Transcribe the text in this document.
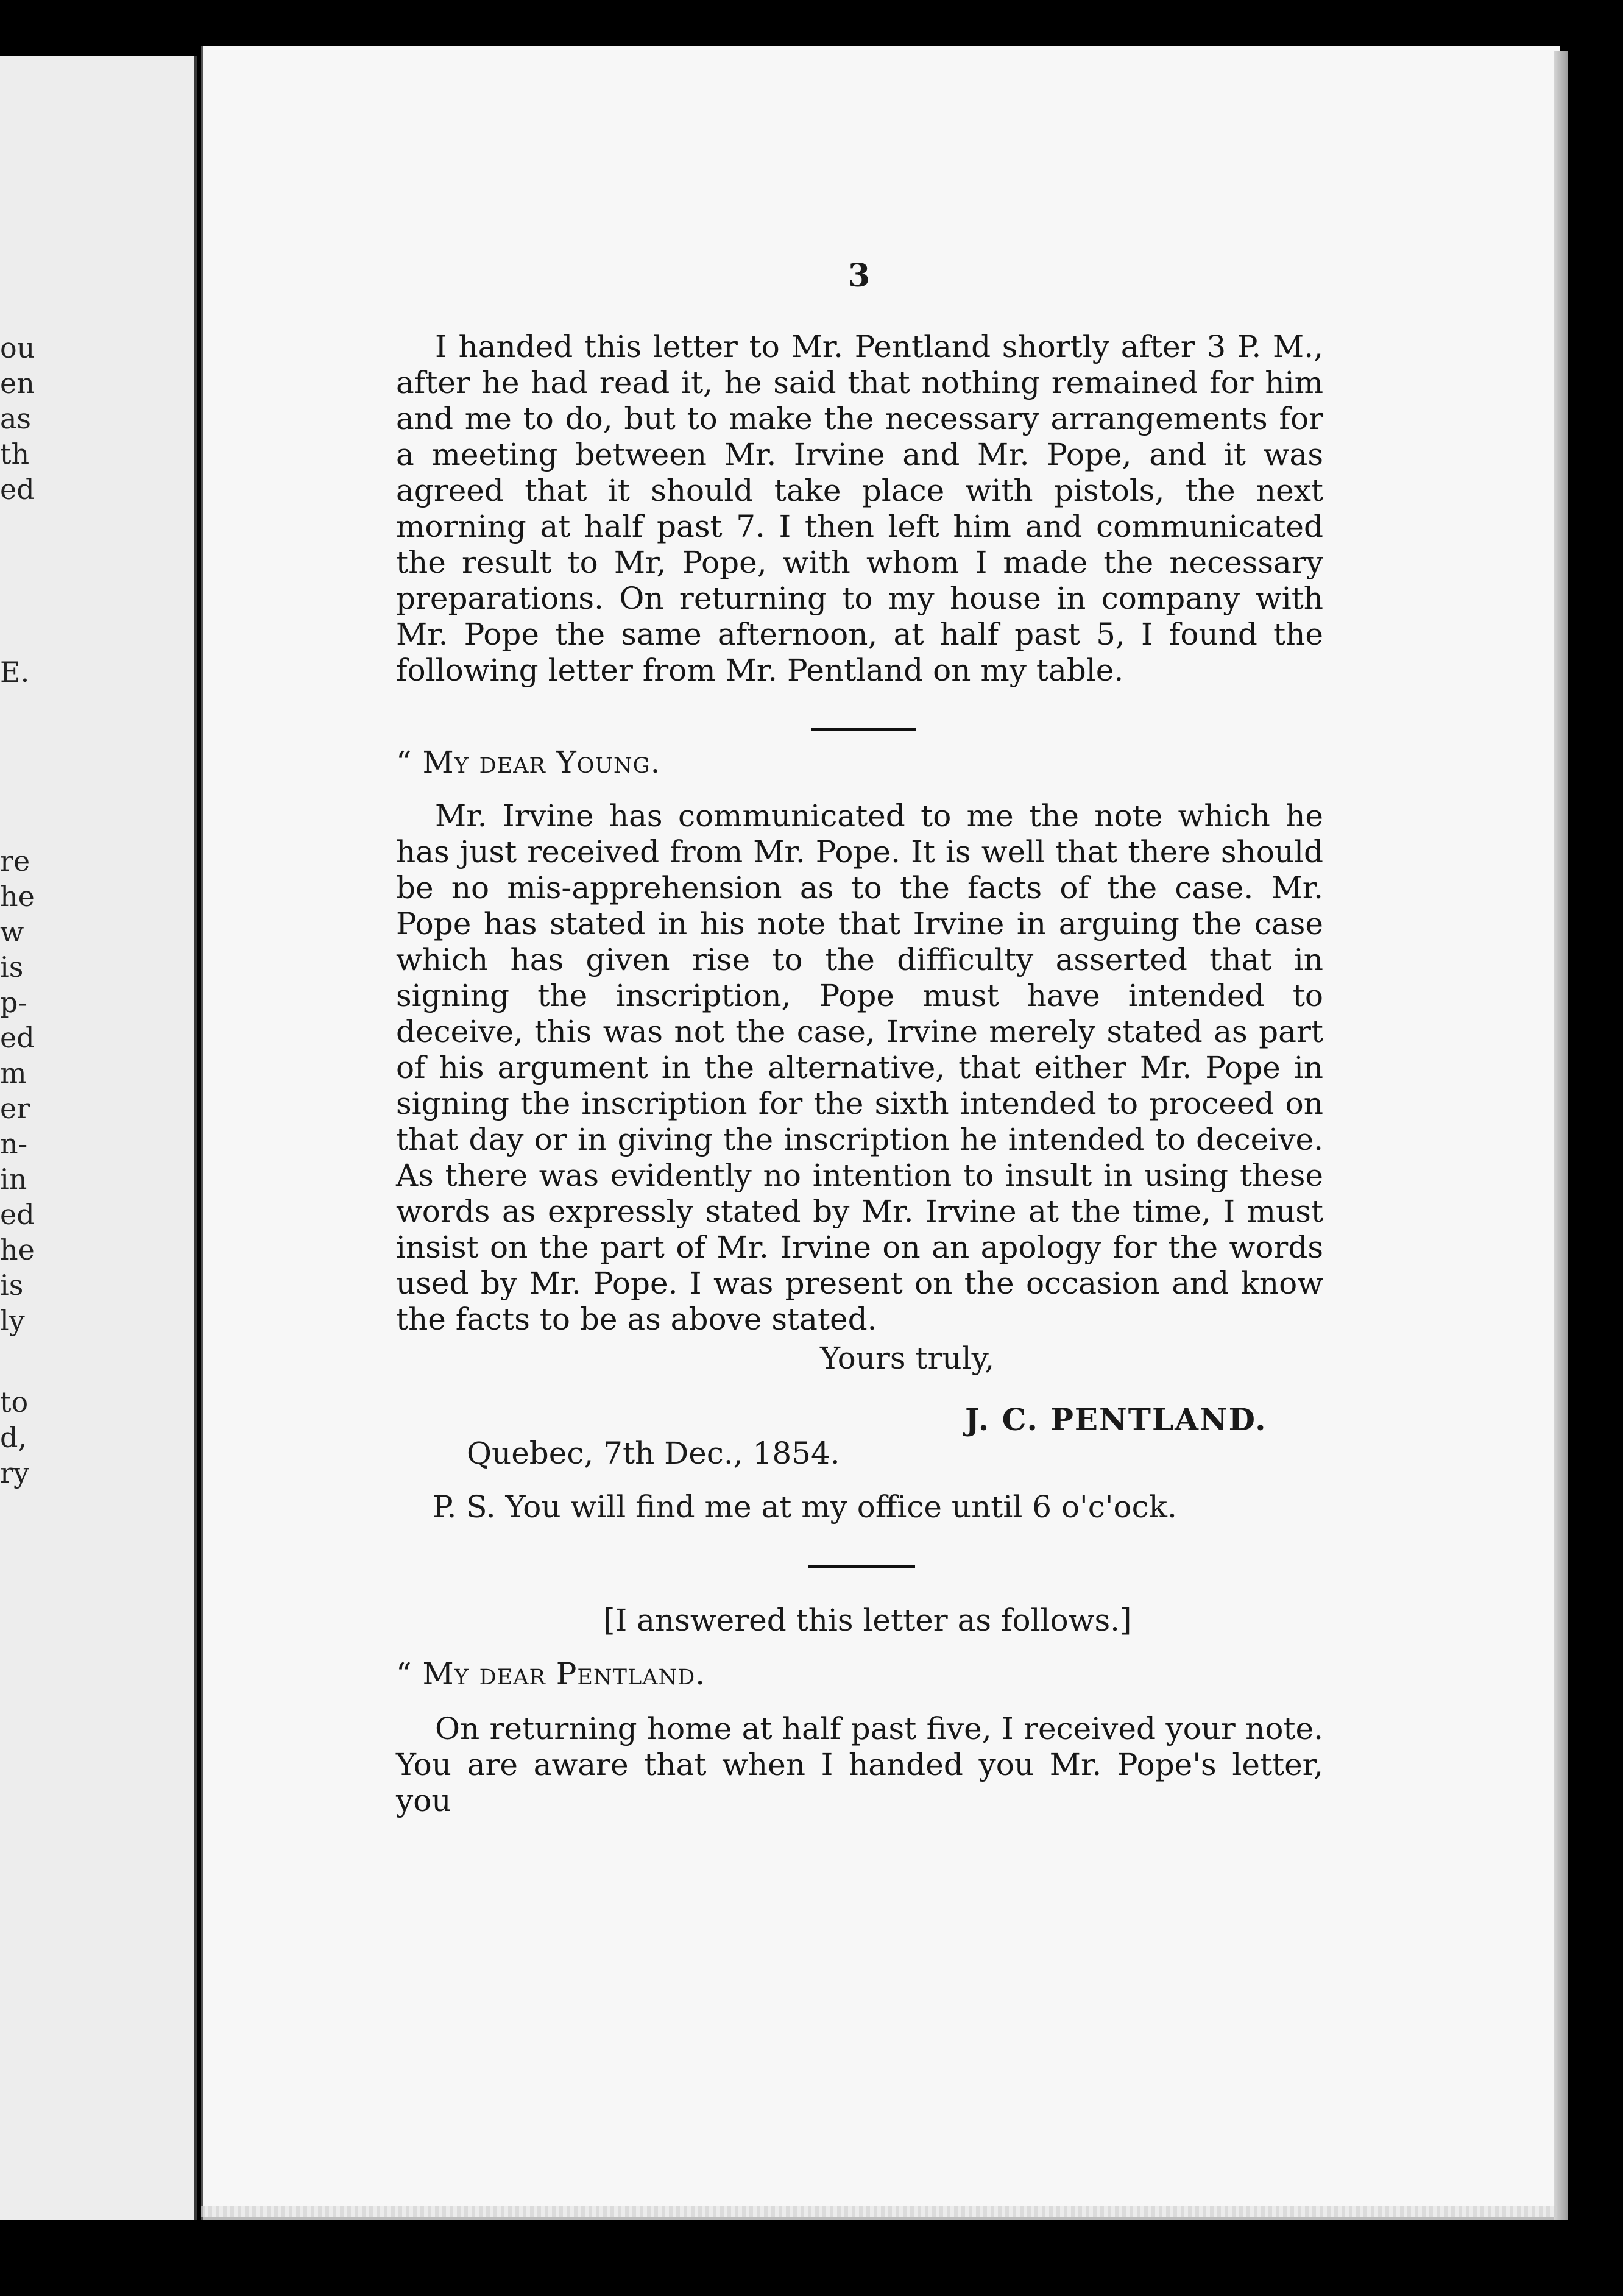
ou
en
as
th
ed
E.
re
he
w
is
p-
ed
m
er
n-
in
ed
he
is
ly
to
d,
ry
3

I handed this letter to Mr. Pentland shortly after 3 P. M., after he had read it, he said that nothing remained for him and me to do, but to make the necessary arrangements for a meeting between Mr. Irvine and Mr. Pope, and it was agreed that it should take place with pistols, the next morning at half past 7. I then left him and communicated the result to Mr, Pope, with whom I made the necessary preparations. On returning to my house in company with Mr. Pope the same afternoon, at half past 5, I found the following letter from Mr. Pentland on my table.

“ My dear Young.

Mr. Irvine has communicated to me the note which he has just received from Mr. Pope. It is well that there should be no mis-apprehension as to the facts of the case. Mr. Pope has stated in his note that Irvine in arguing the case which has given rise to the difficulty asserted that in signing the inscription, Pope must have intended to deceive, this was not the case, Irvine merely stated as part of his argument in the alternative, that either Mr. Pope in signing the inscription for the sixth intended to proceed on that day or in giving the inscription he intended to deceive. As there was evidently no intention to insult in using these words as expressly stated by Mr. Irvine at the time, I must insist on the part of Mr. Irvine on an apology for the words used by Mr. Pope. I was present on the occasion and know the facts to be as above stated.

Yours truly,
J. C. PENTLAND.
Quebec, 7th Dec., 1854.
P. S. You will find me at my office until 6 o'c'ock.
[I answered this letter as follows.]
“ My dear Pentland.

On returning home at half past five, I received your note. You are aware that when I handed you Mr. Pope's letter, you
